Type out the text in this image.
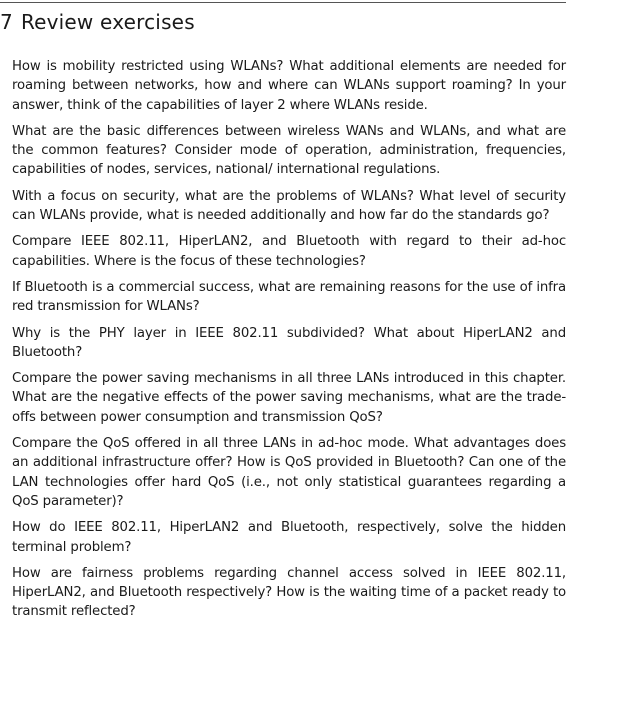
7 Review exercises
How is mobility restricted using WLANs? What additional elements are needed for roaming between networks, how and where can WLANs support roaming? In your answer, think of the capabilities of layer 2 where WLANs reside.
What are the basic differences between wireless WANs and WLANs, and what are the common features? Consider mode of operation, administration, frequencies, capabilities of nodes, services, national/ international regulations.
With a focus on security, what are the problems of WLANs? What level of security can WLANs provide, what is needed additionally and how far do the standards go?
Compare IEEE 802.11, HiperLAN2, and Bluetooth with regard to their ad-hoc capabilities. Where is the focus of these technologies?
If Bluetooth is a commercial success, what are remaining reasons for the use of infra red transmission for WLANs?
Why is the PHY layer in IEEE 802.11 subdivided? What about HiperLAN2 and Bluetooth?
Compare the power saving mechanisms in all three LANs introduced in this chapter. What are the negative effects of the power saving mechanisms, what are the trade-offs between power consumption and transmission QoS?
Compare the QoS offered in all three LANs in ad-hoc mode. What advantages does an additional infrastructure offer? How is QoS provided in Bluetooth? Can one of the LAN technologies offer hard QoS (i.e., not only statistical guarantees regarding a QoS parameter)?
How do IEEE 802.11, HiperLAN2 and Bluetooth, respectively, solve the hidden terminal problem?
How are fairness problems regarding channel access solved in IEEE 802.11, HiperLAN2, and Bluetooth respectively? How is the waiting time of a packet ready to transmit reflected?
